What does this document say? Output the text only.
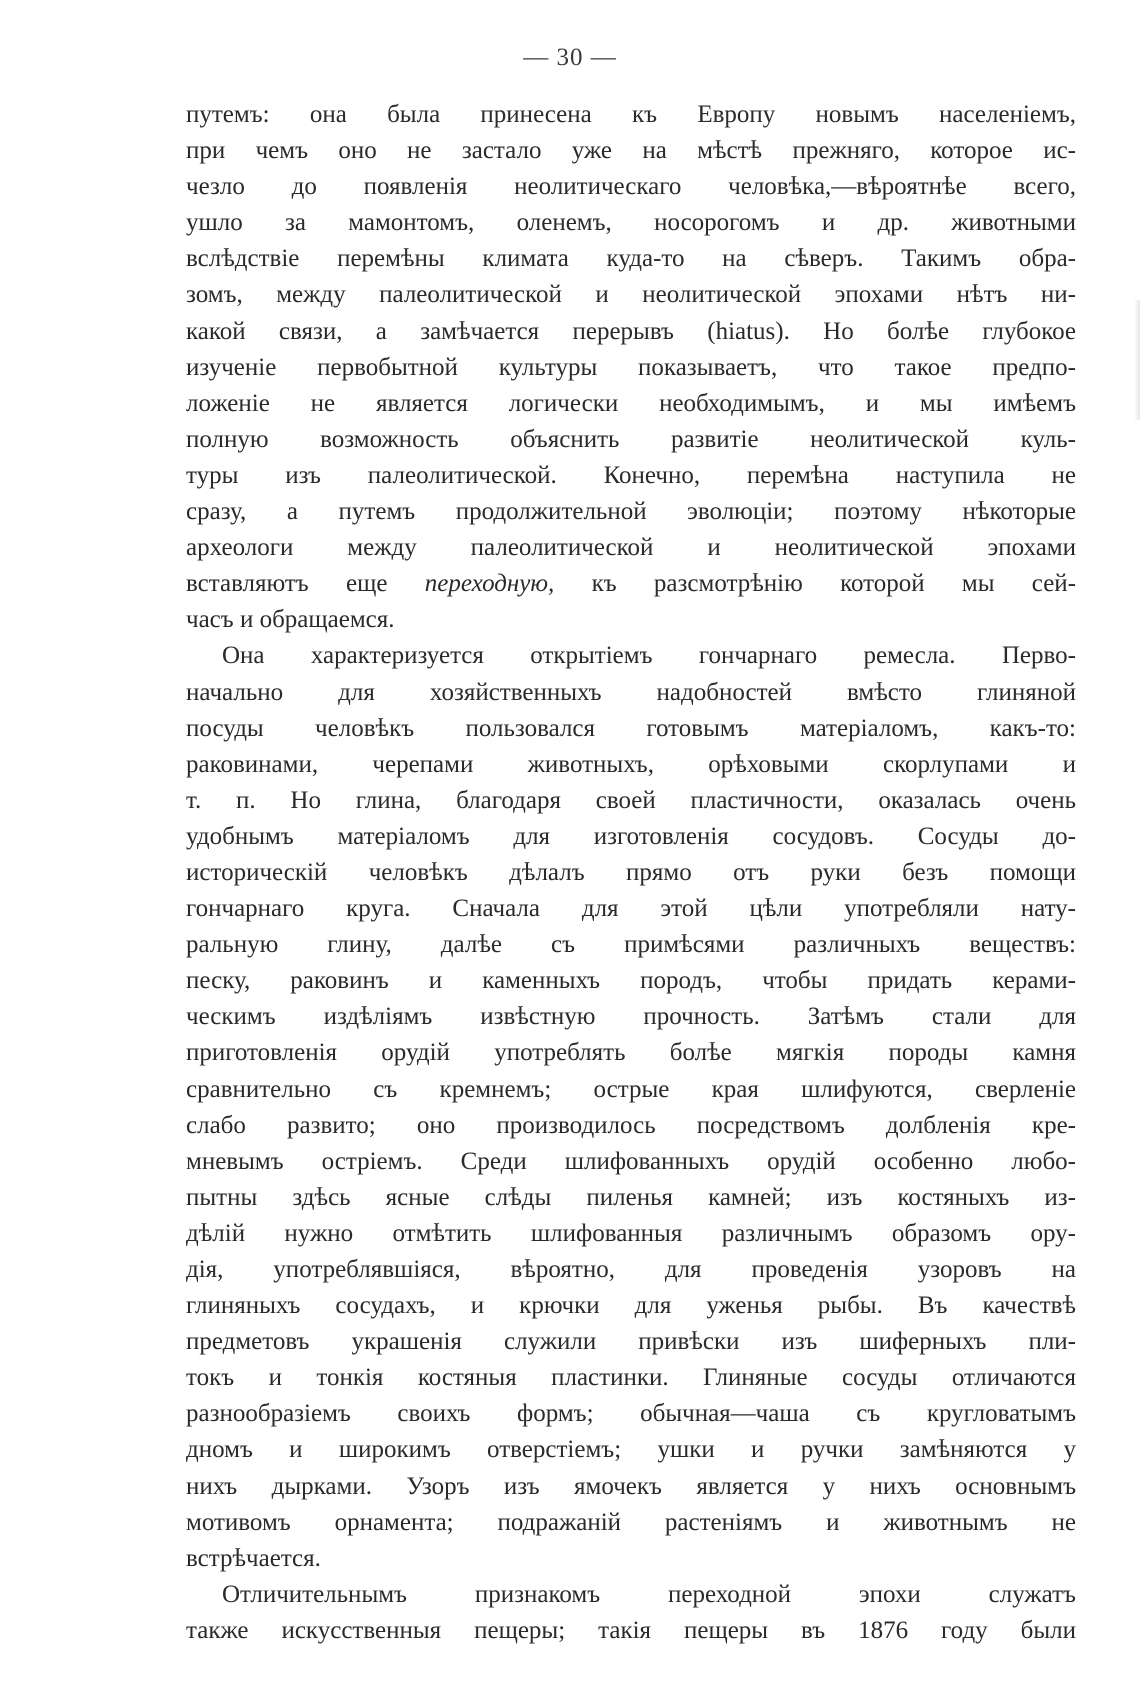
— 30 —
путемъ: она была принесена къ Европу новымъ населенiемъ,
при чемъ оно не застало уже на мѣстѣ прежняго, которое ис-
чезло до появленiя неолитическаго человѣка,—вѣроятнѣе всего,
ушло за мамонтомъ, оленемъ, носорогомъ и др. животными
вслѣдствiе перемѣны климата куда-то на сѣверъ. Такимъ обра-
зомъ, между палеолитической и неолитической эпохами нѣтъ ни-
какой связи, а замѣчается перерывъ (hiatus). Но болѣе глубокое
изученiе первобытной культуры показываетъ, что такое предпо-
ложенiе не является логически необходимымъ, и мы имѣемъ
полную возможность объяснить развитiе неолитической куль-
туры изъ палеолитической. Конечно, перемѣна наступила не
сразу, а путемъ продолжительной эволюцiи; поэтому нѣкоторые
археологи между палеолитической и неолитической эпохами
вставляютъ еще переходную, къ разсмотрѣнiю которой мы сей-
часъ и обращаемся.
Она характеризуется открытiемъ гончарнаго ремесла. Перво-
начально для хозяйственныхъ надобностей вмѣсто глиняной
посуды человѣкъ пользовался готовымъ матерiаломъ, какъ-то:
раковинами, черепами животныхъ, орѣховыми скорлупами и
т. п. Но глина, благодаря своей пластичности, оказалась очень
удобнымъ матерiаломъ для изготовленiя сосудовъ. Сосуды до-
историческiй человѣкъ дѣлалъ прямо отъ руки безъ помощи
гончарнаго круга. Сначала для этой цѣли употребляли нату-
ральную глину, далѣе съ примѣсями различныхъ веществъ:
песку, раковинъ и каменныхъ породъ, чтобы придать керами-
ческимъ издѣлiямъ извѣстную прочность. Затѣмъ стали для
приготовленiя орудiй употреблять болѣе мягкiя породы камня
сравнительно съ кремнемъ; острые края шлифуются, сверленiе
слабо развито; оно производилось посредствомъ долбленiя кре-
мневымъ острiемъ. Среди шлифованныхъ орудiй особенно любо-
пытны здѣсь ясные слѣды пиленья камней; изъ костяныхъ из-
дѣлiй нужно отмѣтить шлифованныя различнымъ образомъ ору-
дiя, употреблявшiяся, вѣроятно, для проведенiя узоровъ на
глиняныхъ сосудахъ, и крючки для уженья рыбы. Въ качествѣ
предметовъ украшенiя служили привѣски изъ шиферныхъ пли-
токъ и тонкiя костяныя пластинки. Глиняные сосуды отличаются
разнообразiемъ своихъ формъ; обычная—чаша съ кругловатымъ
дномъ и широкимъ отверстiемъ; ушки и ручки замѣняются у
нихъ дырками. Узоръ изъ ямочекъ является у нихъ основнымъ
мотивомъ орнамента; подражанiй растенiямъ и животнымъ не
встрѣчается.
Отличительнымъ признакомъ переходной эпохи служатъ
также искусственныя пещеры; такiя пещеры въ 1876 году были
